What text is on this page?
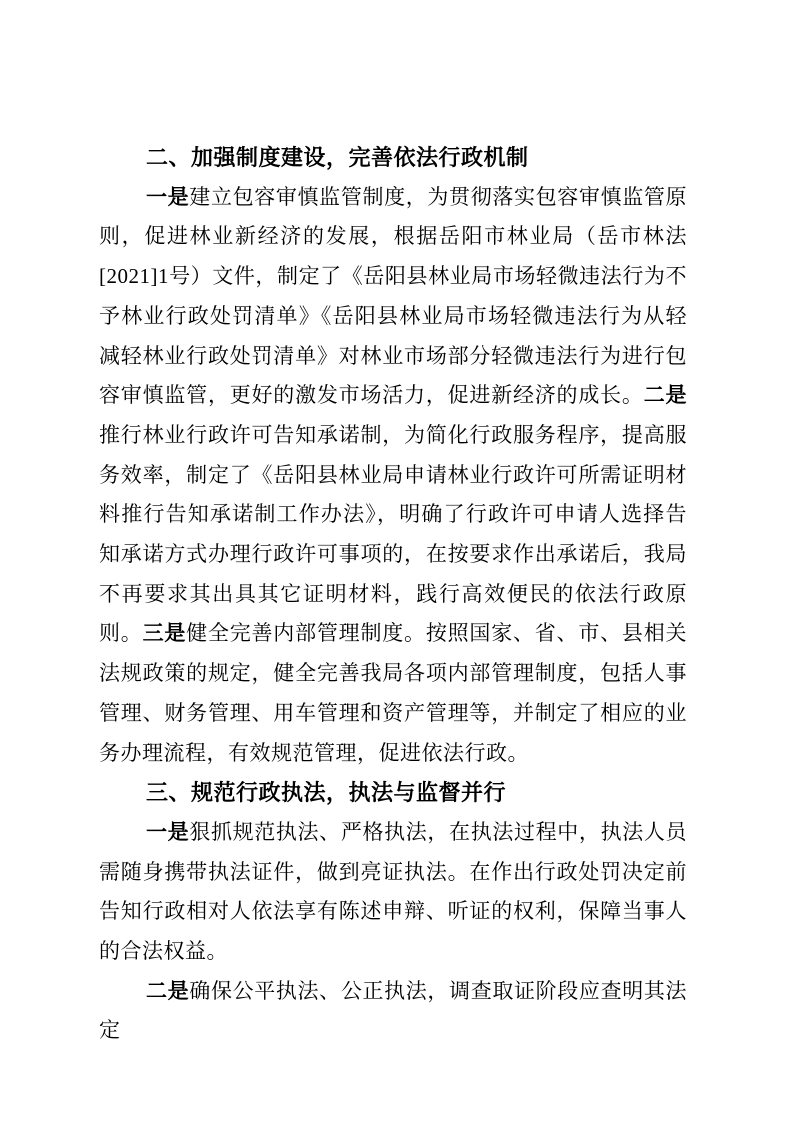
二、加强制度建设，完善依法行政机制

一是建立包容审慎监管制度，为贯彻落实包容审慎监管原则，促进林业新经济的发展，根据岳阳市林业局（岳市林法[2021]1号）文件，制定了《岳阳县林业局市场轻微违法行为不予林业行政处罚清单》《岳阳县林业局市场轻微违法行为从轻减轻林业行政处罚清单》对林业市场部分轻微违法行为进行包容审慎监管，更好的激发市场活力，促进新经济的成长。二是推行林业行政许可告知承诺制，为简化行政服务程序，提高服务效率，制定了《岳阳县林业局申请林业行政许可所需证明材料推行告知承诺制工作办法》，明确了行政许可申请人选择告知承诺方式办理行政许可事项的，在按要求作出承诺后，我局不再要求其出具其它证明材料，践行高效便民的依法行政原则。三是健全完善内部管理制度。按照国家、省、市、县相关法规政策的规定，健全完善我局各项内部管理制度，包括人事管理、财务管理、用车管理和资产管理等，并制定了相应的业务办理流程，有效规范管理，促进依法行政。

三、规范行政执法，执法与监督并行

一是狠抓规范执法、严格执法，在执法过程中，执法人员需随身携带执法证件，做到亮证执法。在作出行政处罚决定前告知行政相对人依法享有陈述申辩、听证的权利，保障当事人的合法权益。

二是确保公平执法、公正执法，调查取证阶段应查明其法定
